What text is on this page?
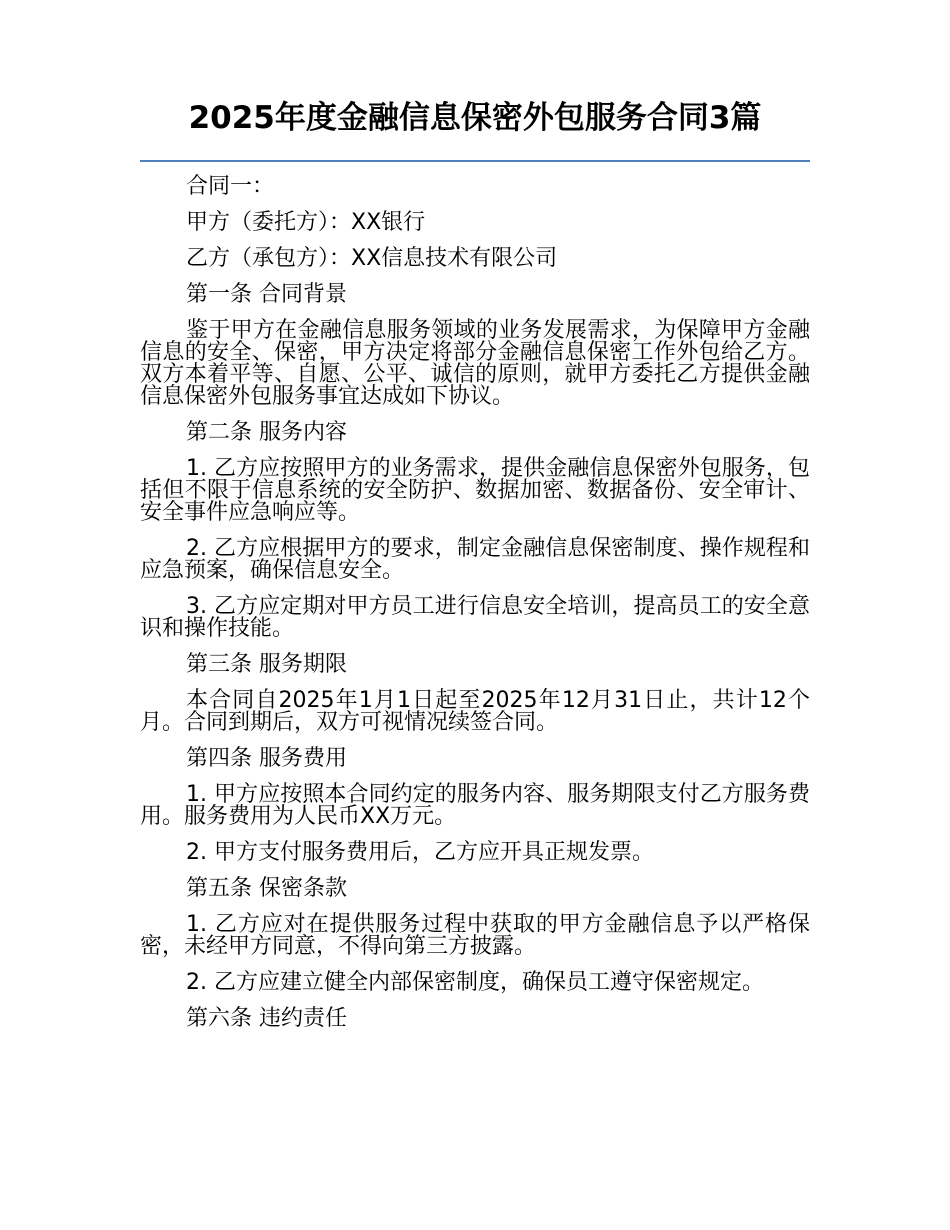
2025年度金融信息保密外包服务合同3篇

合同一：

甲方（委托方）：XX银行

乙方（承包方）：XX信息技术有限公司

第一条 合同背景

鉴于甲方在金融信息服务领域的业务发展需求，为保障甲方金融信息的安全、保密，甲方决定将部分金融信息保密工作外包给乙方。双方本着平等、自愿、公平、诚信的原则，就甲方委托乙方提供金融信息保密外包服务事宜达成如下协议。

第二条 服务内容

1. 乙方应按照甲方的业务需求，提供金融信息保密外包服务，包括但不限于信息系统的安全防护、数据加密、数据备份、安全审计、安全事件应急响应等。

2. 乙方应根据甲方的要求，制定金融信息保密制度、操作规程和应急预案，确保信息安全。

3. 乙方应定期对甲方员工进行信息安全培训，提高员工的安全意识和操作技能。

第三条 服务期限

本合同自2025年1月1日起至2025年12月31日止，共计12个月。合同到期后，双方可视情况续签合同。

第四条 服务费用

1. 甲方应按照本合同约定的服务内容、服务期限支付乙方服务费用。服务费用为人民币XX万元。

2. 甲方支付服务费用后，乙方应开具正规发票。

第五条 保密条款

1. 乙方应对在提供服务过程中获取的甲方金融信息予以严格保密，未经甲方同意，不得向第三方披露。

2. 乙方应建立健全内部保密制度，确保员工遵守保密规定。

第六条 违约责任
